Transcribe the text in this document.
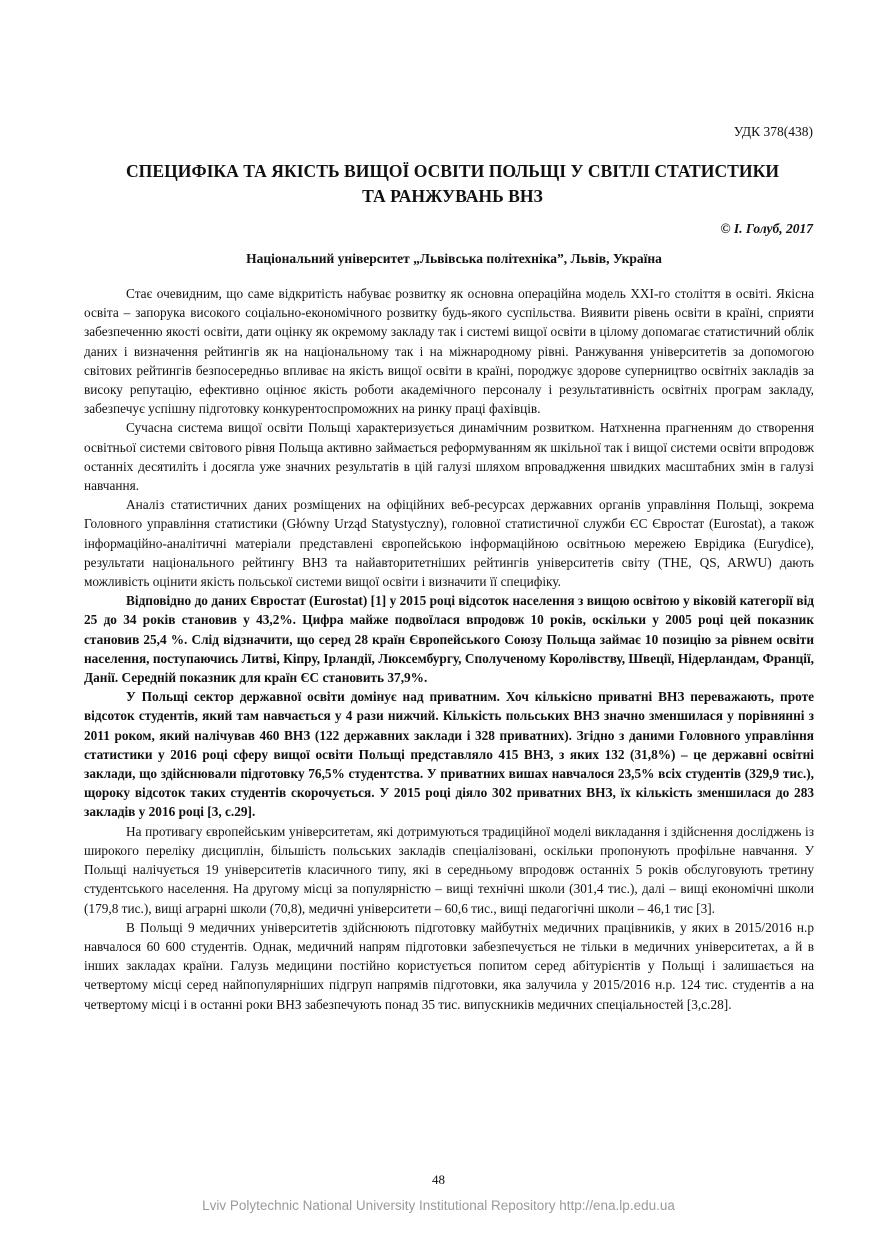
УДК 378(438)
СПЕЦИФІКА ТА ЯКІСТЬ ВИЩОЇ ОСВІТИ ПОЛЬЩІ У СВІТЛІ СТАТИСТИКИ
ТА РАНЖУВАНЬ ВНЗ
© І. Голуб, 2017
Національний університет „Львівська політехніка”, Львів, Україна

Стає очевидним, що саме відкритість набуває розвитку як основна операційна модель ХХІ-го століття в освіті. Якісна освіта – запорука високого соціально-економічного розвитку будь-якого суспільства. Виявити рівень освіти в країні, сприяти забезпеченню якості освіти, дати оцінку як окремому закладу так і системі вищої освіти в цілому допомагає статистичний облік даних і визначення рейтингів як на національному так і на міжнародному рівні. Ранжування університетів за допомогою світових рейтингів безпосередньо впливає на якість вищої освіти в країні, породжує здорове суперництво освітніх закладів за високу репутацію, ефективно оцінює якість роботи академічного персоналу і результативність освітніх програм закладу, забезпечує успішну підготовку конкурентоспроможних на ринку праці фахівців.

Сучасна система вищої освіти Польщі характеризується динамічним розвитком. Натхненна прагненням до створення освітньої системи світового рівня Польща активно займається реформуванням як шкільної так і вищої системи освіти впродовж останніх десятиліть і досягла уже значних результатів в цій галузі шляхом впровадження швидких масштабних змін в галузі навчання.

Аналіз статистичних даних розміщених на офіційних веб-ресурсах державних органів управління Польщі, зокрема Головного управління статистики (Główny Urząd Statystyczny), головної статистичної служби ЄС Євростат (Eurostat), а також інформаційно-аналітичні матеріали представлені європейською інформаційною освітньою мережею Еврідика (Eurydice), результати національного рейтингу ВНЗ та найавторитетніших рейтингів університетів світу (THE, QS, ARWU) дають можливість оцінити якість польської системи вищої освіти і визначити її специфіку.

Відповідно до даних Євростат (Eurostat) [1] у 2015 році відсоток населення з вищою освітою у віковій категорії від 25 до 34 років становив у 43,2%. Цифра майже подвоїлася впродовж 10 років, оскільки у 2005 році цей показник становив 25,4 %. Слід відзначити, що серед 28 країн Європейського Союзу Польща займає 10 позицію за рівнем освіти населення, поступаючись Литві, Кіпру, Ірландії, Люксембургу, Сполученому Королівству, Швеції, Нідерландам, Франції, Данії. Середній показник для країн ЄС становить 37,9%.

У Польщі сектор державної освіти домінує над приватним. Хоч кількісно приватні ВНЗ переважають, проте відсоток студентів, який там навчається у 4 рази нижчий. Кількість польських ВНЗ значно зменшилася у порівнянні з 2011 роком, який налічував 460 ВНЗ (122 державних заклади і 328 приватних). Згідно з даними Головного управління статистики у 2016 році сферу вищої освіти Польщі представляло 415 ВНЗ, з яких 132 (31,8%) – це державні освітні заклади, що здійснювали підготовку 76,5% студентства. У приватних вишах навчалося 23,5% всіх студентів (329,9 тис.), щороку відсоток таких студентів скорочується. У 2015 році діяло 302 приватних ВНЗ, їх кількість зменшилася до 283 закладів у 2016 році [3, с.29].

На противагу європейським університетам, які дотримуються традиційної моделі викладання і здійснення досліджень із широкого переліку дисциплін, більшість польських закладів спеціалізовані, оскільки пропонують профільне навчання. У Польщі налічується 19 університетів класичного типу, які в середньому впродовж останніх 5 років обслуговують третину студентського населення. На другому місці за популярністю – вищі технічні школи (301,4 тис.), далі – вищі економічні школи (179,8 тис.), вищі аграрні школи (70,8), медичні університети – 60,6 тис., вищі педагогічні школи – 46,1 тис [3].

В Польщі 9 медичних університетів здійснюють підготовку майбутніх медичних працівників, у яких в 2015/2016 н.р навчалося 60 600 студентів. Однак, медичний напрям підготовки забезпечується не тільки в медичних університетах, а й в інших закладах країни. Галузь медицини постійно користується попитом серед абітурієнтів у Польщі і залишається на четвертому місці серед найпопулярніших підгруп напрямів підготовки, яка залучила у 2015/2016 н.р. 124 тис. студентів а на четвертому місці і в останні роки ВНЗ забезпечують понад 35 тис. випускників медичних спеціальностей [3,с.28].

48
Lviv Polytechnic National University Institutional Repository http://ena.lp.edu.ua
